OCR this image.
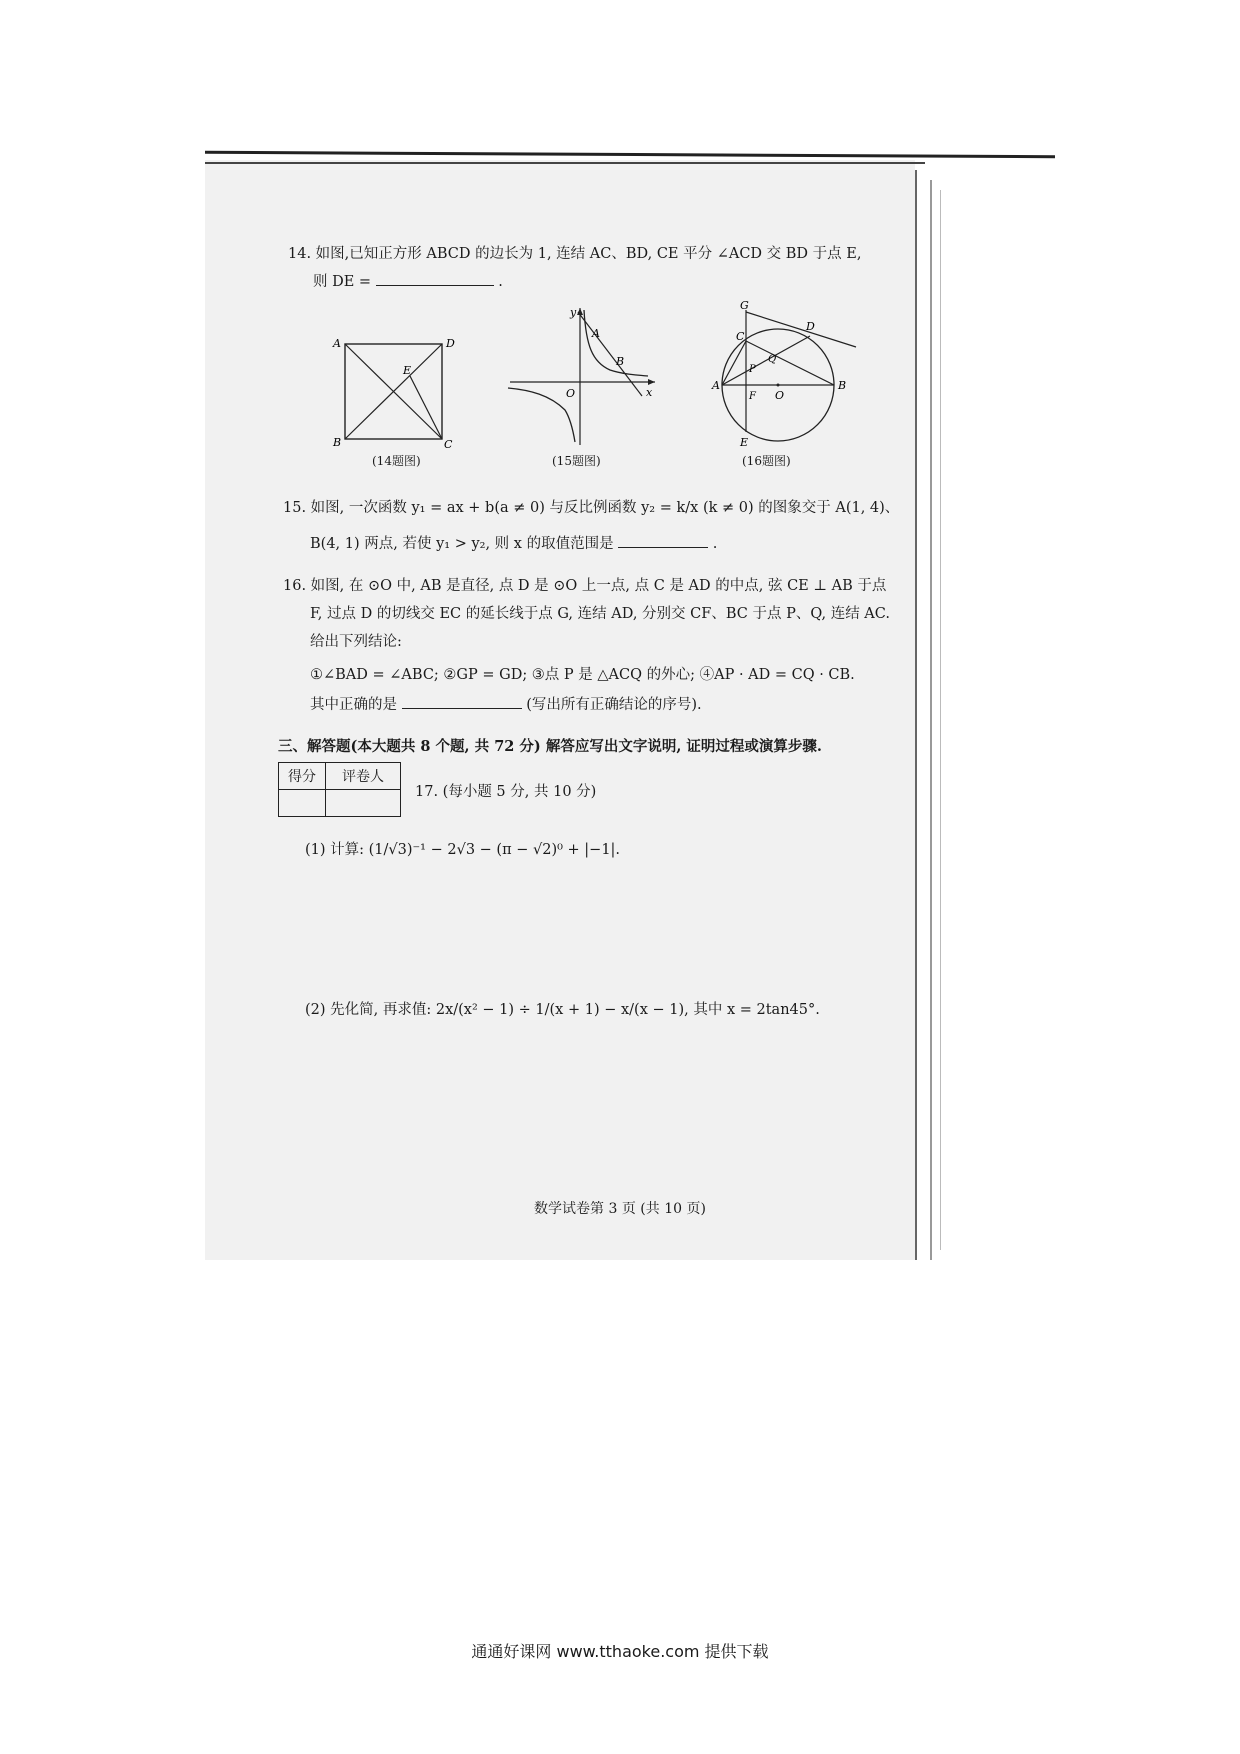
14. 如图,已知正方形 ABCD 的边长为 1, 连结 AC、BD, CE 平分 ∠ACD 交 BD 于点 E,
则 DE =	.
A	D
B	C
E
(14题图)
y
x
O
A
B
(15题图)
G
D
C
Q
P
A
F O
B
E
(16题图)
15. 如图, 一次函数 y₁ = ax + b(a ≠ 0) 与反比例函数 y₂ = k/x (k ≠ 0) 的图象交于 A(1, 4)、
B(4, 1) 两点, 若使 y₁ > y₂, 则 x 的取值范围是	.
16. 如图, 在 ⊙O 中, AB 是直径, 点 D 是 ⊙O 上一点, 点 C 是 AD 的中点, 弦 CE ⊥ AB 于点
F, 过点 D 的切线交 EC 的延长线于点 G, 连结 AD, 分别交 CF、BC 于点 P、Q, 连结 AC.
给出下列结论:
①∠BAD = ∠ABC; ②GP = GD; ③点 P 是 △ACQ 的外心; ④AP · AD = CQ · CB.
其中正确的是	(写出所有正确结论的序号).
三、解答题(本大题共 8 个题, 共 72 分) 解答应写出文字说明, 证明过程或演算步骤.
得分	评卷人

17. (每小题 5 分, 共 10 分)
(1) 计算: (1/√3)⁻¹ − 2√3 − (π − √2)⁰ + |−1|.
(2) 先化简, 再求值: 2x/(x² − 1) ÷ 1/(x + 1) − x/(x − 1), 其中 x = 2tan45°.
数学试卷第 3 页 (共 10 页)
通通好课网 www.tthaoke.com 提供下载
